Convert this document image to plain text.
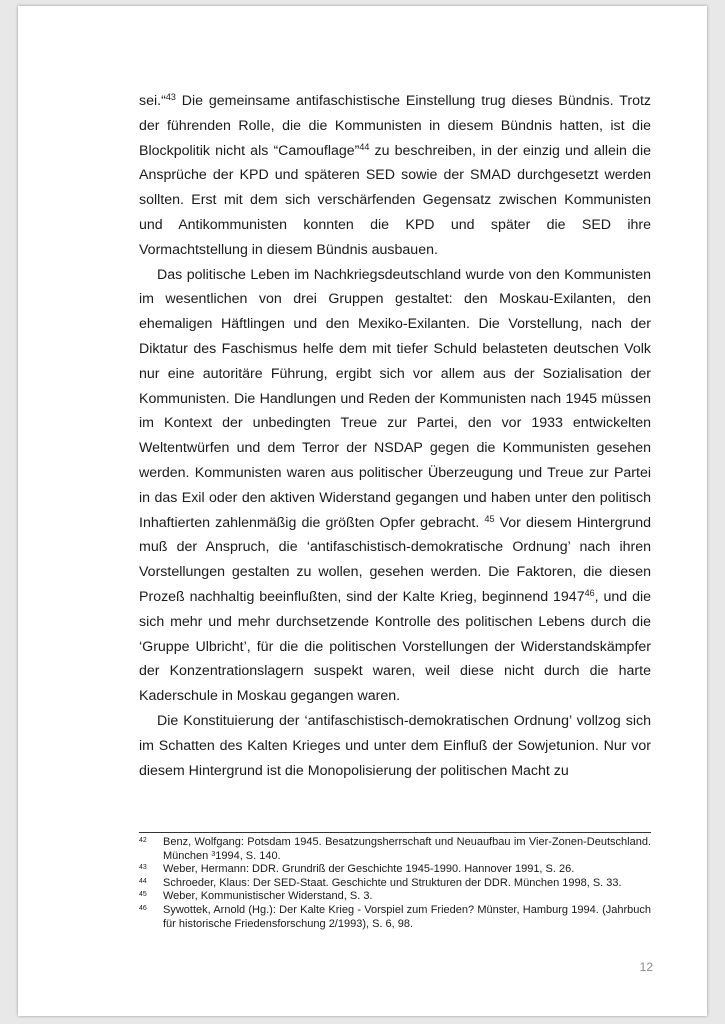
sei.“$^{43}$ Die gemeinsame antifaschistische Einstellung trug dieses Bündnis. Trotz der führenden Rolle, die die Kommunisten in diesem Bündnis hatten, ist die Blockpolitik nicht als “Camouflage”$^{44}$ zu beschreiben, in der einzig und allein die Ansprüche der KPD und späteren SED sowie der SMAD durchgesetzt werden sollten. Erst mit dem sich verschärfenden Gegensatz zwischen Kommunisten und Antikommunisten konnten die KPD und später die SED ihre Vormachtstellung in diesem Bündnis ausbauen.

Das politische Leben im Nachkriegsdeutschland wurde von den Kommunisten im wesentlichen von drei Gruppen gestaltet: den Moskau-Exilanten, den ehemaligen Häftlingen und den Mexiko-Exilanten. Die Vorstellung, nach der Diktatur des Faschismus helfe dem mit tiefer Schuld belasteten deutschen Volk nur eine autoritäre Führung, ergibt sich vor allem aus der Sozialisation der Kommunisten. Die Handlungen und Reden der Kommunisten nach 1945 müssen im Kontext der unbedingten Treue zur Partei, den vor 1933 entwickelten Weltentwürfen und dem Terror der NSDAP gegen die Kommunisten gesehen werden. Kommunisten waren aus politischer Überzeugung und Treue zur Partei in das Exil oder den aktiven Widerstand gegangen und haben unter den politisch Inhaftierten zahlenmäßig die größten Opfer gebracht. $^{45}$ Vor diesem Hintergrund muß der Anspruch, die ‘antifaschistisch-demokratische Ordnung’ nach ihren Vorstellungen gestalten zu wollen, gesehen werden. Die Faktoren, die diesen Prozeß nachhaltig beeinflußten, sind der Kalte Krieg, beginnend 1947$^{46}$, und die sich mehr und mehr durchsetzende Kontrolle des politischen Lebens durch die ‘Gruppe Ulbricht’, für die die politischen Vorstellungen der Widerstandskämpfer der Konzentrationslagern suspekt waren, weil diese nicht durch die harte Kaderschule in Moskau gegangen waren.

Die Konstituierung der ‘antifaschistisch-demokratischen Ordnung’ vollzog sich im Schatten des Kalten Krieges und unter dem Einfluß der Sowjetunion. Nur vor diesem Hintergrund ist die Monopolisierung der politischen Macht zu

$^{42}$ Benz, Wolfgang: Potsdam 1945. Besatzungsherrschaft und Neuaufbau im Vier-Zonen-Deutschland. München $^3$1994, S. 140.

$^{43}$ Weber, Hermann: DDR. Grundriß der Geschichte 1945-1990. Hannover 1991, S. 26.

$^{44}$ Schroeder, Klaus: Der SED-Staat. Geschichte und Strukturen der DDR. München 1998, S. 33.

$^{45}$ Weber, Kommunistischer Widerstand, S. 3.

$^{46}$ Sywottek, Arnold (Hg.): Der Kalte Krieg - Vorspiel zum Frieden? Münster, Hamburg 1994. (Jahrbuch für historische Friedensforschung 2/1993), S. 6, 98.

12
